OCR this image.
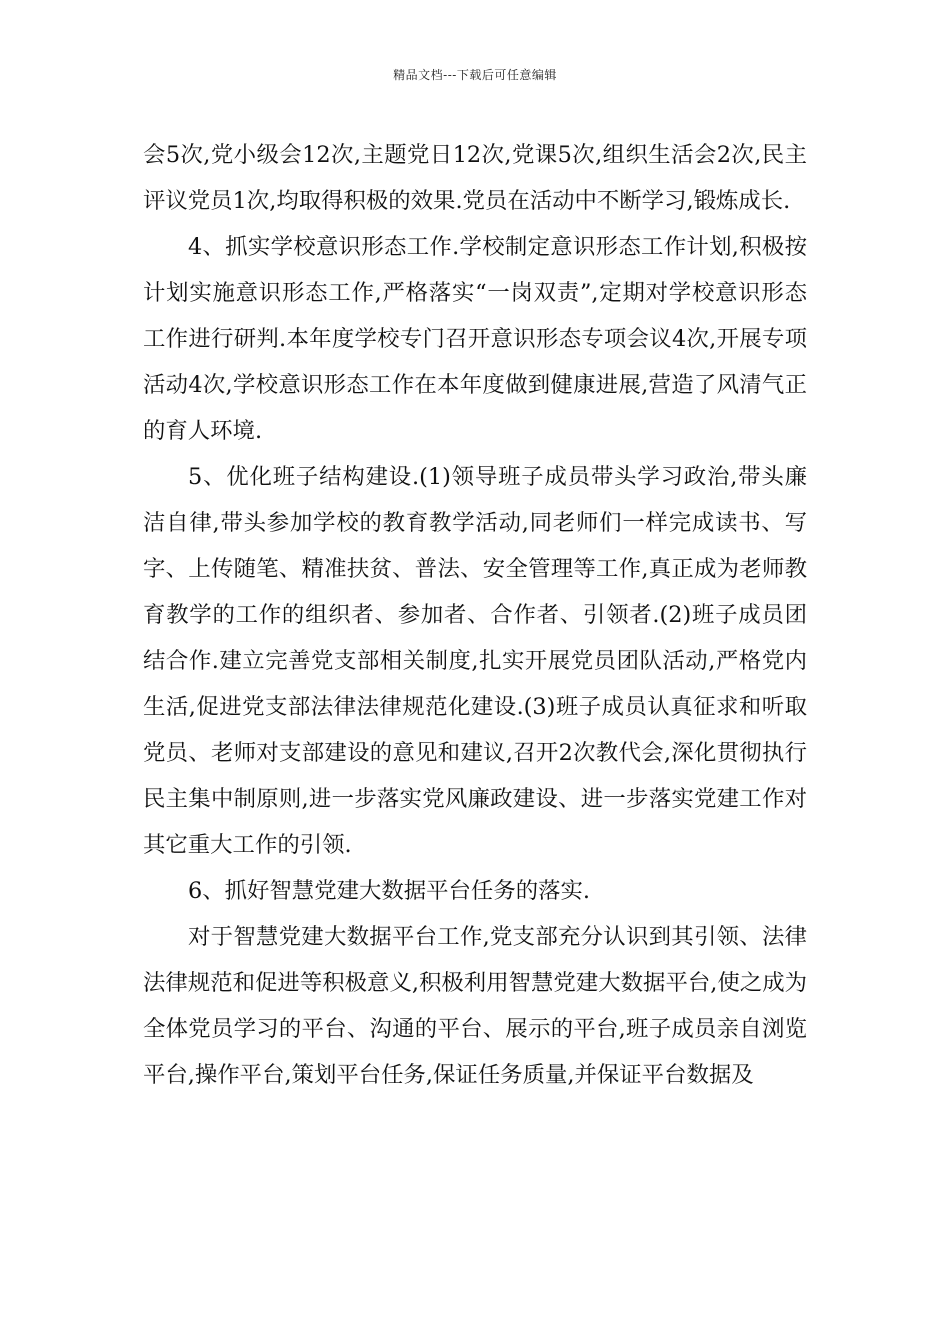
精品文档---下载后可任意编辑

会5次,党小级会12次,主题党日12次,党课5次,组织生活会2次,民主评议党员1次,均取得积极的效果.党员在活动中不断学习,锻炼成长.

4、抓实学校意识形态工作.学校制定意识形态工作计划,积极按计划实施意识形态工作,严格落实“一岗双责”,定期对学校意识形态工作进行研判.本年度学校专门召开意识形态专项会议4次,开展专项活动4次,学校意识形态工作在本年度做到健康进展,营造了风清气正的育人环境.

5、优化班子结构建设.(1)领导班子成员带头学习政治,带头廉洁自律,带头参加学校的教育教学活动,同老师们一样完成读书、写字、上传随笔、精准扶贫、普法、安全管理等工作,真正成为老师教育教学的工作的组织者、参加者、合作者、引领者.(2)班子成员团结合作.建立完善党支部相关制度,扎实开展党员团队活动,严格党内生活,促进党支部法律法律规范化建设.(3)班子成员认真征求和听取党员、老师对支部建设的意见和建议,召开2次教代会,深化贯彻执行民主集中制原则,进一步落实党风廉政建设、进一步落实党建工作对其它重大工作的引领.

6、抓好智慧党建大数据平台任务的落实.

对于智慧党建大数据平台工作,党支部充分认识到其引领、法律法律规范和促进等积极意义,积极利用智慧党建大数据平台,使之成为全体党员学习的平台、沟通的平台、展示的平台,班子成员亲自浏览平台,操作平台,策划平台任务,保证任务质量,并保证平台数据及
